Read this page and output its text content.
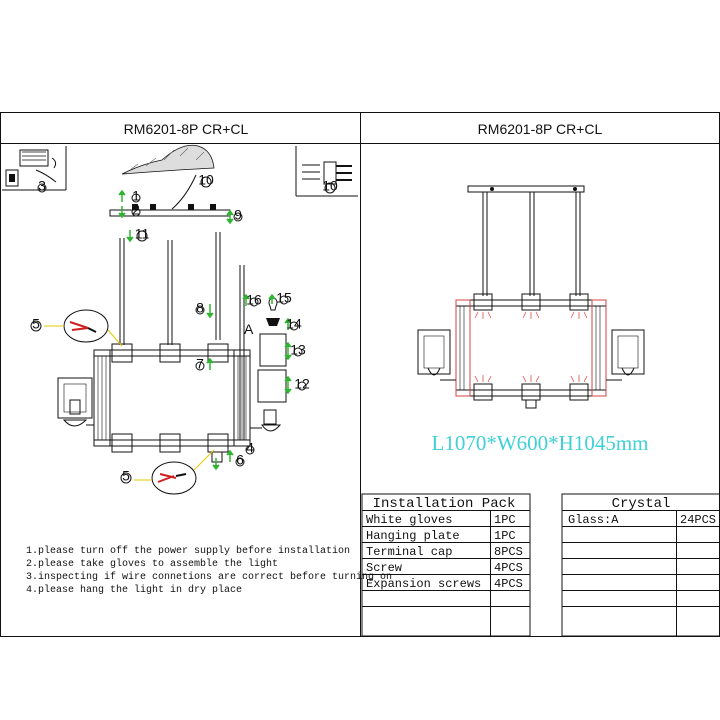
RM6201-8P CR+CL	RM6201-8P CR+CL
A
3
1
2
10	10
9
11
5
5
8
7
16 15
14
13
12
4
6
1.please turn off the power supply before installation
2.please take gloves to assemble the light
3.inspecting if wire connetions are correct before turning on
4.please hang the light in dry place
L1070*W600*H1045mm
Installation Pack
White gloves	1PC
Hanging plate	1PC
Terminal cap	8PCS
Screw	4PCS
Expansion screws 4PCS
Crystal
Glass:A	24PCS
